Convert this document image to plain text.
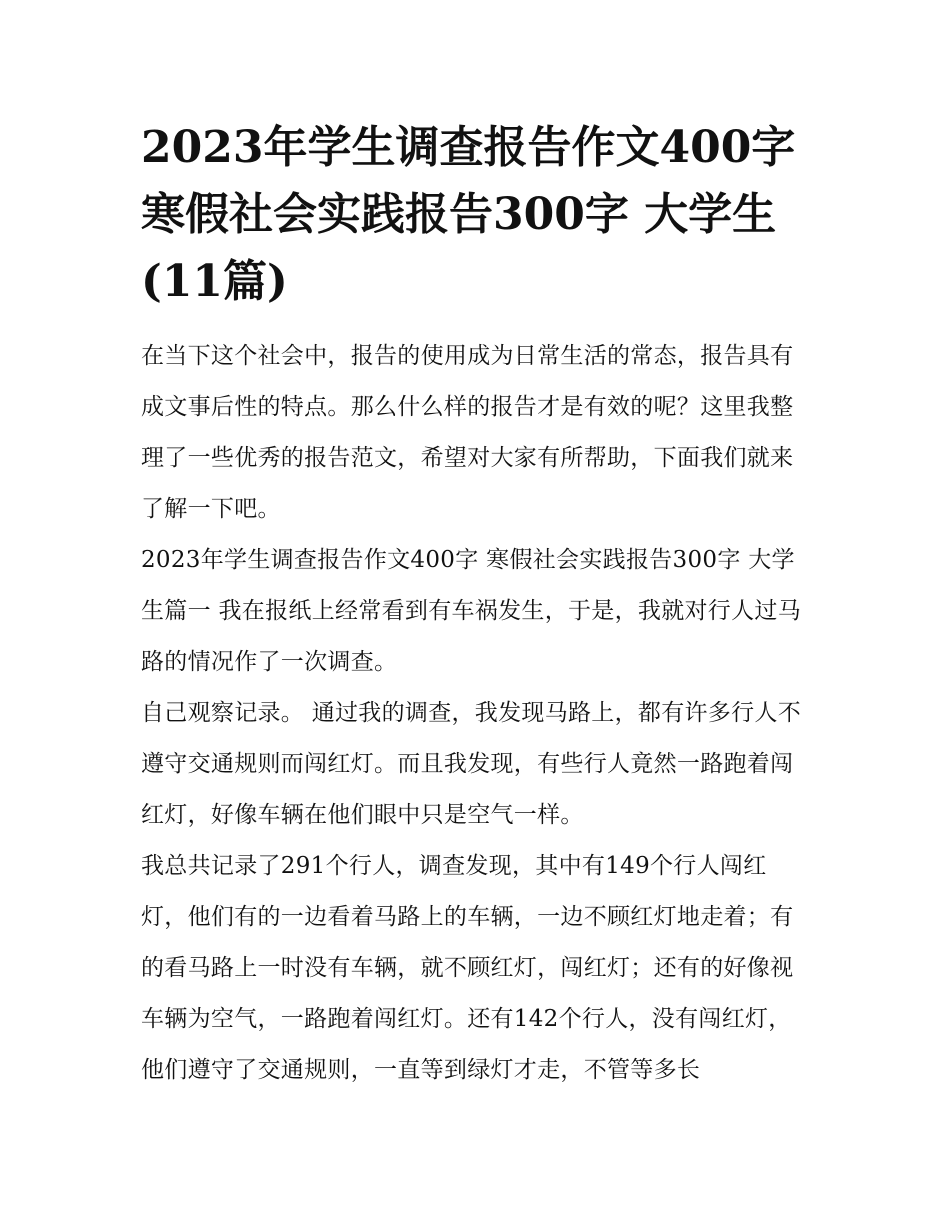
2023年学生调查报告作文400字 寒假社会实践报告300字 大学生(11篇)

在当下这个社会中，报告的使用成为日常生活的常态，报告具有成文事后性的特点。那么什么样的报告才是有效的呢？这里我整理了一些优秀的报告范文，希望对大家有所帮助，下面我们就来了解一下吧。

2023年学生调查报告作文400字 寒假社会实践报告300字 大学生篇一 我在报纸上经常看到有车祸发生，于是，我就对行人过马路的情况作了一次调查。

自己观察记录。 通过我的调查，我发现马路上，都有许多行人不遵守交通规则而闯红灯。而且我发现，有些行人竟然一路跑着闯红灯，好像车辆在他们眼中只是空气一样。

我总共记录了291个行人，调查发现，其中有149个行人闯红灯，他们有的一边看着马路上的车辆，一边不顾红灯地走着；有的看马路上一时没有车辆，就不顾红灯，闯红灯；还有的好像视车辆为空气，一路跑着闯红灯。还有142个行人，没有闯红灯，他们遵守了交通规则，一直等到绿灯才走，不管等多长
